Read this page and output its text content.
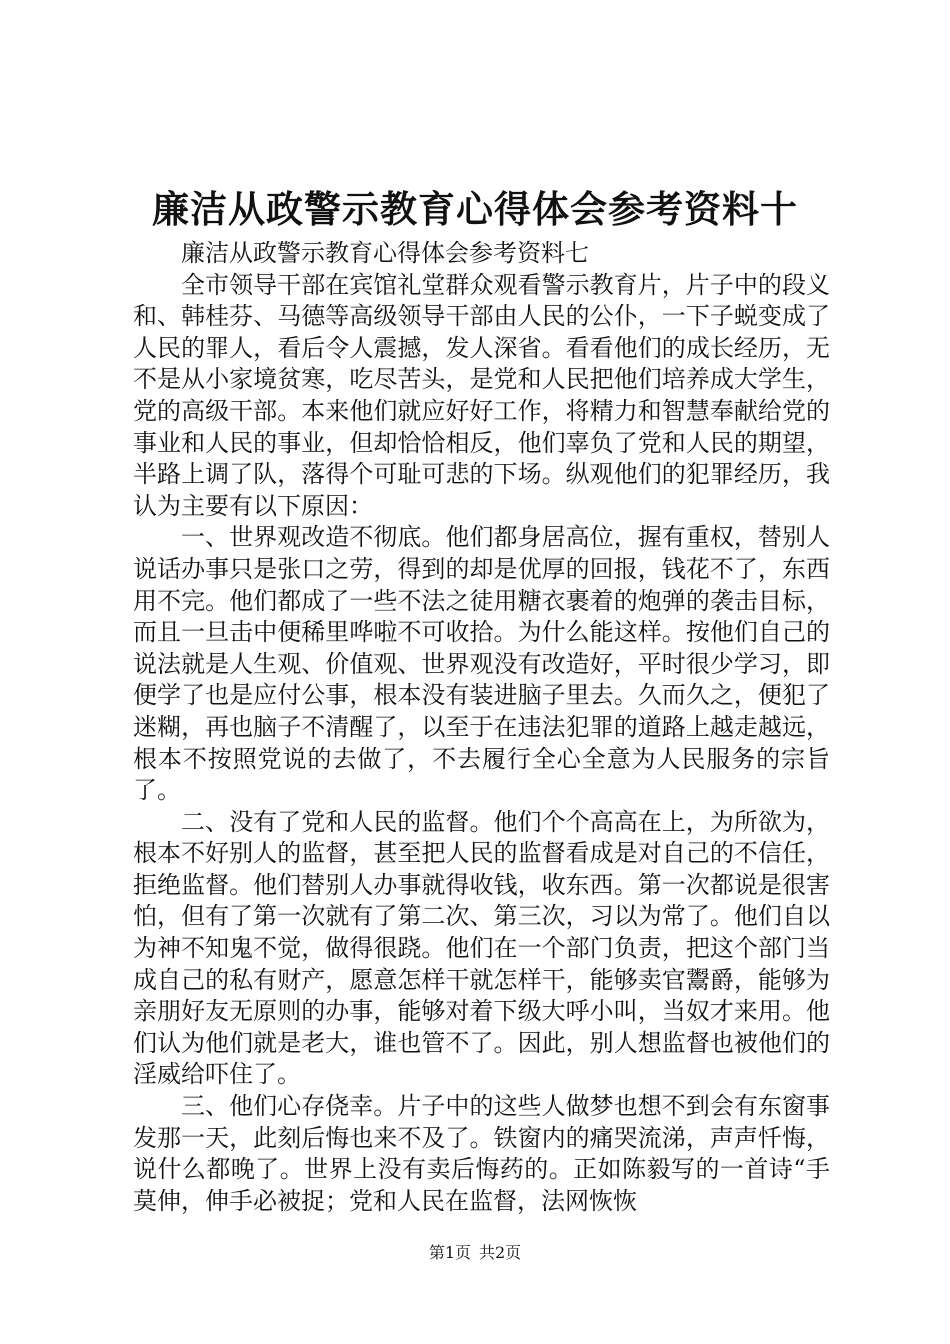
廉洁从政警示教育心得体会参考资料十

廉洁从政警示教育心得体会参考资料七

全市领导干部在宾馆礼堂群众观看警示教育片，片子中的段义和、韩桂芬、马德等高级领导干部由人民的公仆，一下子蜕变成了人民的罪人，看后令人震撼，发人深省。看看他们的成长经历，无不是从小家境贫寒，吃尽苦头，是党和人民把他们培养成大学生，党的高级干部。本来他们就应好好工作，将精力和智慧奉献给党的事业和人民的事业，但却恰恰相反，他们辜负了党和人民的期望，半路上调了队，落得个可耻可悲的下场。纵观他们的犯罪经历，我认为主要有以下原因：

一、世界观改造不彻底。他们都身居高位，握有重权，替别人说话办事只是张口之劳，得到的却是优厚的回报，钱花不了，东西用不完。他们都成了一些不法之徒用糖衣裹着的炮弹的袭击目标，而且一旦击中便稀里哗啦不可收拾。为什么能这样。按他们自己的说法就是人生观、价值观、世界观没有改造好，平时很少学习，即便学了也是应付公事，根本没有装进脑子里去。久而久之，便犯了迷糊，再也脑子不清醒了，以至于在违法犯罪的道路上越走越远，根本不按照党说的去做了，不去履行全心全意为人民服务的宗旨了。

二、没有了党和人民的监督。他们个个高高在上，为所欲为，根本不好别人的监督，甚至把人民的监督看成是对自己的不信任，拒绝监督。他们替别人办事就得收钱，收东西。第一次都说是很害怕，但有了第一次就有了第二次、第三次，习以为常了。他们自以为神不知鬼不觉，做得很跷。他们在一个部门负责，把这个部门当成自己的私有财产，愿意怎样干就怎样干，能够卖官鬻爵，能够为亲朋好友无原则的办事，能够对着下级大呼小叫，当奴才来用。他们认为他们就是老大，谁也管不了。因此，别人想监督也被他们的淫威给吓住了。

三、他们心存侥幸。片子中的这些人做梦也想不到会有东窗事发那一天，此刻后悔也来不及了。铁窗内的痛哭流涕，声声忏悔，说什么都晚了。世界上没有卖后悔药的。正如陈毅写的一首诗“手莫伸，伸手必被捉；党和人民在监督，法网恢恢

第1页 共2页
